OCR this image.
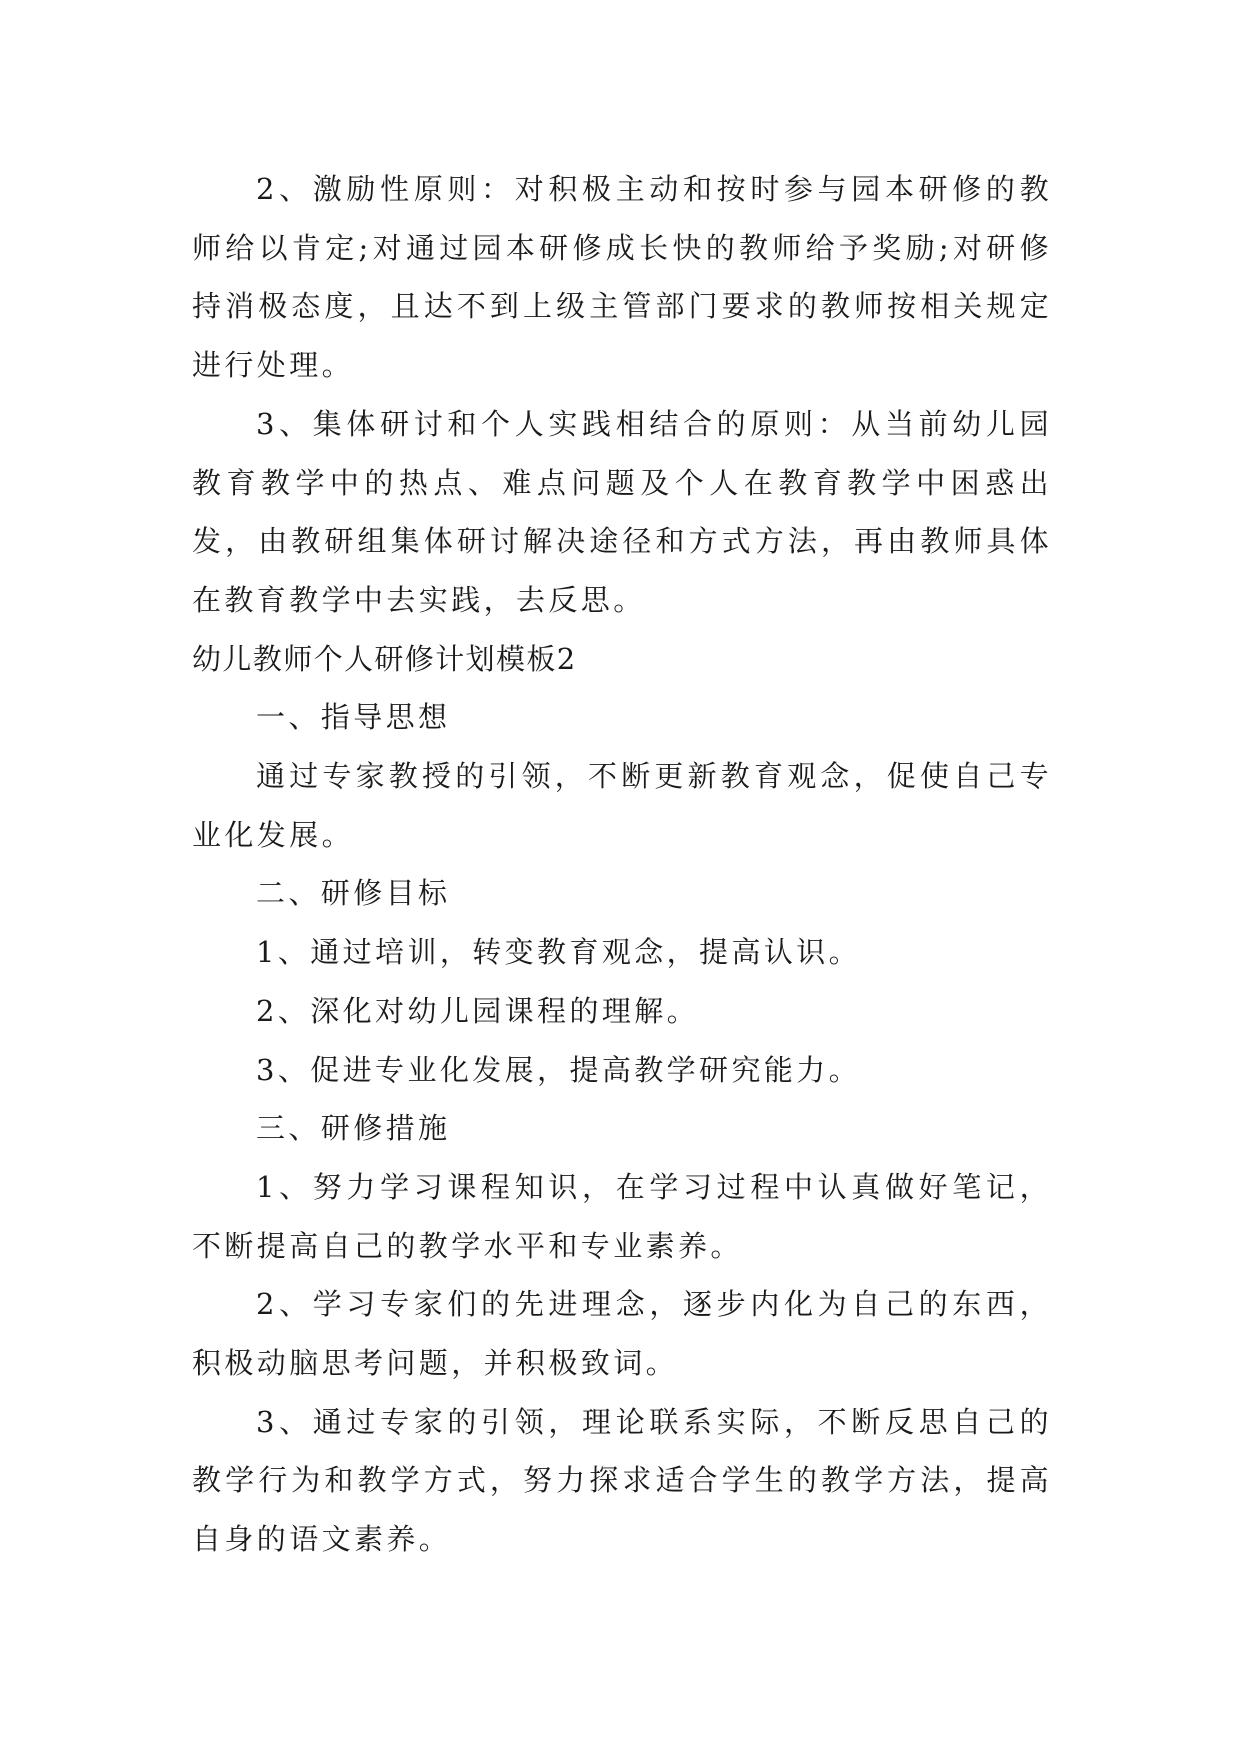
2、激励性原则：对积极主动和按时参与园本研修的教师给以肯定;对通过园本研修成长快的教师给予奖励;对研修持消极态度，且达不到上级主管部门要求的教师按相关规定进行处理。

3、集体研讨和个人实践相结合的原则：从当前幼儿园教育教学中的热点、难点问题及个人在教育教学中困惑出发，由教研组集体研讨解决途径和方式方法，再由教师具体在教育教学中去实践，去反思。

幼儿教师个人研修计划模板2

一、指导思想

通过专家教授的引领，不断更新教育观念，促使自己专业化发展。

二、研修目标

1、通过培训，转变教育观念，提高认识。

2、深化对幼儿园课程的理解。

3、促进专业化发展，提高教学研究能力。

三、研修措施

1、努力学习课程知识，在学习过程中认真做好笔记，不断提高自己的教学水平和专业素养。

2、学习专家们的先进理念，逐步内化为自己的东西，积极动脑思考问题，并积极致词。

3、通过专家的引领，理论联系实际，不断反思自己的教学行为和教学方式，努力探求适合学生的教学方法，提高自身的语文素养。
